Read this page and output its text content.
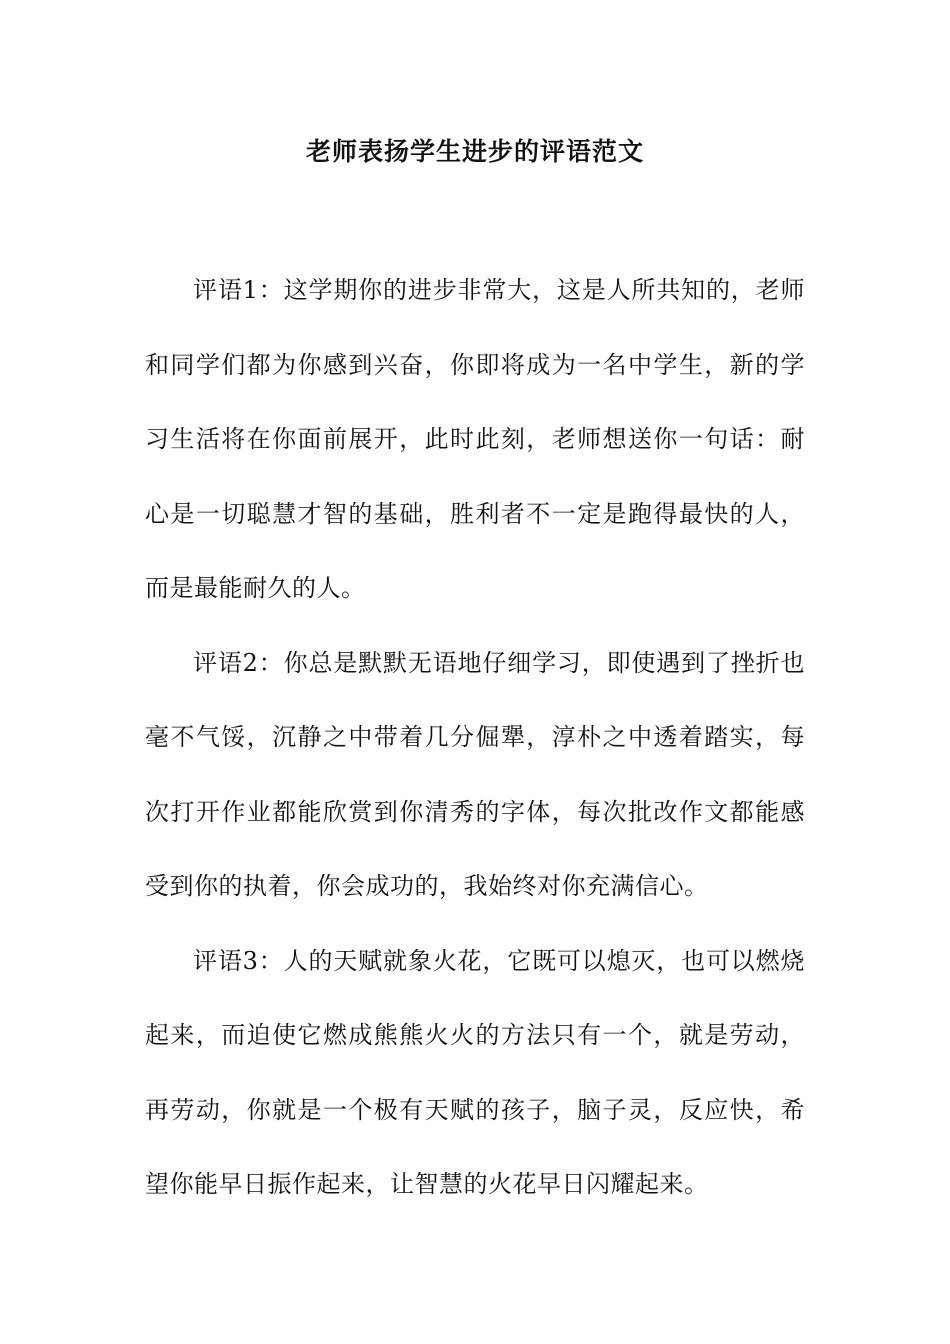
老师表扬学生进步的评语范文

评语1：这学期你的进步非常大，这是人所共知的，老师和同学们都为你感到兴奋，你即将成为一名中学生，新的学习生活将在你面前展开，此时此刻，老师想送你一句话：耐心是一切聪慧才智的基础，胜利者不一定是跑得最快的人，而是最能耐久的人。

评语2：你总是默默无语地仔细学习，即使遇到了挫折也毫不气馁，沉静之中带着几分倔犟，淳朴之中透着踏实，每次打开作业都能欣赏到你清秀的字体，每次批改作文都能感受到你的执着，你会成功的，我始终对你充满信心。

评语3：人的天赋就象火花，它既可以熄灭，也可以燃烧起来，而迫使它燃成熊熊火火的方法只有一个，就是劳动，再劳动，你就是一个极有天赋的孩子，脑子灵，反应快，希望你能早日振作起来，让智慧的火花早日闪耀起来。
